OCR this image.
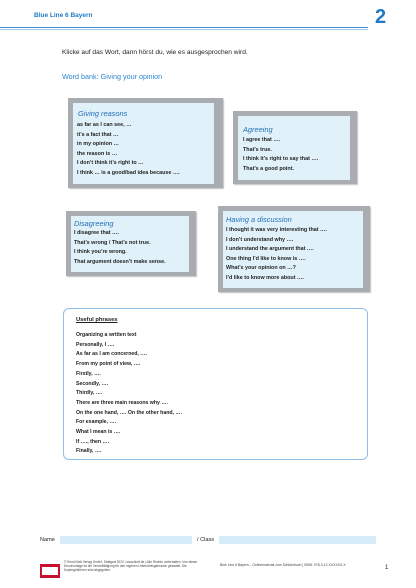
Blue Line 6 Bayern	2
Klicke auf das Wort, dann hörst du, wie es ausgesprochen wird.
Word bank: Giving your opinion
Giving reasons
as far as I can see, …
it’s a fact that …
in my opinion …
the reason is …
I don’t think it’s right to …
I think … is a good/bad idea because ….
Agreeing
I agree that ….
That’s true.
I think it’s right to say that ….
That’s a good point.
Disagreeing
I disagree that ….
That’s wrong / That’s not true.
I think you’re wrong.
That argument doesn’t make sense.
Having a discussion
I thought it was very interesting that ….
I don’t understand why ….
I understand the argument that ….
One thing I’d like to know is ….
What’s your opinion on …?
I’d like to know more about ….
Useful phrases
Organizing a written text
Personally, I ….
As far as I am concerned, ….
From my point of view, ….
Firstly, ….
Secondly, ….
Thirdly, ….
There are three main reasons why ….
On the one hand, …. On the other hand, ….
For example, ….
What I mean is ….
If …., then ….
Finally, ….
Name	/ Class
© Ernst Klett Verlag GmbH, Stuttgart 2022 | www.klett.de | Alle Rechte vorbehalten. Von dieser Druckvorlage ist die Vervielfältigung für den eigenen Unterrichtsgebrauch gestattet. Die Kopiergebühren sind abgegolten.
Blue Line 6 Bayern – Onlinematerial zum Schülerbuch | ISBN: 978-3-12-XXXXXX-X	1
